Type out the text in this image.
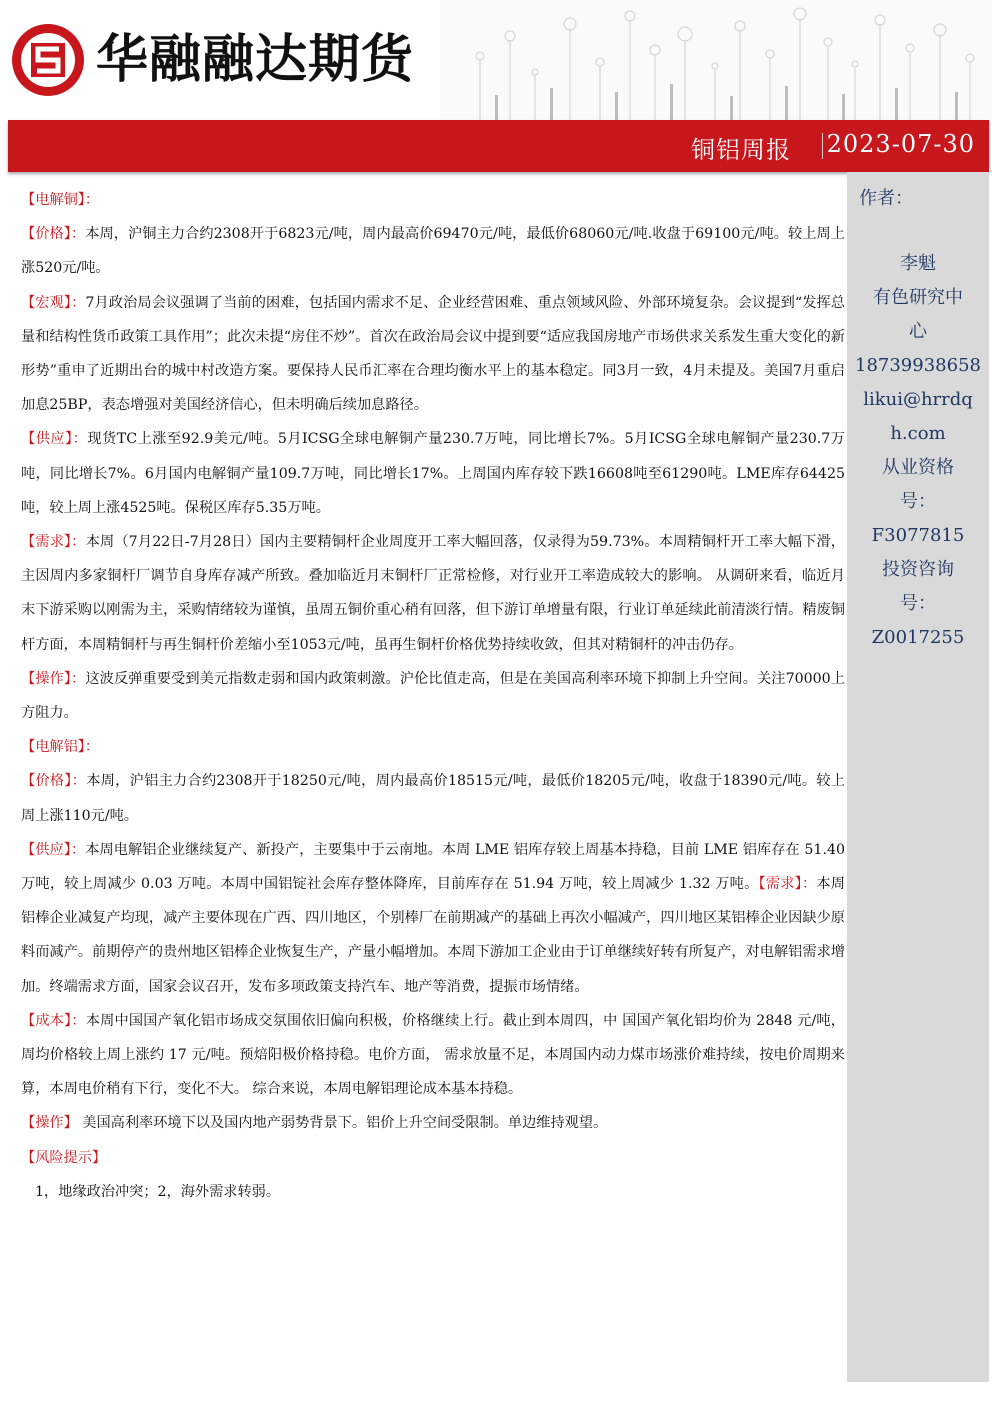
华融融达期货
铜铝周报 2023-07-30
作者：
李魁
有色研究中心
18739938658
likui@hrrdqh.com
从业资格号：
F3077815
投资咨询号：
Z0017255

【电解铜】：

【价格】：本周，沪铜主力合约2308开于6823元/吨，周内最高价69470元/吨，最低价68060元/吨.收盘于69100元/吨。较上周上涨520元/吨。

【宏观】：7月政治局会议强调了当前的困难，包括国内需求不足、企业经营困难、重点领域风险、外部环境复杂。会议提到“发挥总量和结构性货币政策工具作用”；此次未提“房住不炒”。首次在政治局会议中提到要“适应我国房地产市场供求关系发生重大变化的新形势”重申了近期出台的城中村改造方案。要保持人民币汇率在合理均衡水平上的基本稳定。同3月一致，4月未提及。美国7月重启加息25BP，表态增强对美国经济信心，但未明确后续加息路径。

【供应】：现货TC上涨至92.9美元/吨。5月ICSG全球电解铜产量230.7万吨，同比增长7%。5月ICSG全球电解铜产量230.7万吨，同比增长7%。6月国内电解铜产量109.7万吨，同比增长17%。上周国内库存较下跌16608吨至61290吨。LME库存64425吨，较上周上涨4525吨。保税区库存5.35万吨。

【需求】：本周（7月22日-7月28日）国内主要精铜杆企业周度开工率大幅回落，仅录得为59.73%。本周精铜杆开工率大幅下滑，主因周内多家铜杆厂调节自身库存减产所致。叠加临近月末铜杆厂正常检修，对行业开工率造成较大的影响。 从调研来看，临近月末下游采购以刚需为主，采购情绪较为谨慎，虽周五铜价重心稍有回落，但下游订单增量有限，行业订单延续此前清淡行情。精废铜杆方面，本周精铜杆与再生铜杆价差缩小至1053元/吨，虽再生铜杆价格优势持续收敛，但其对精铜杆的冲击仍存。

【操作】：这波反弹重要受到美元指数走弱和国内政策刺激。沪伦比值走高，但是在美国高利率环境下抑制上升空间。关注70000上方阻力。

【电解铝】：

【价格】：本周，沪铝主力合约2308开于18250元/吨，周内最高价18515元/吨，最低价18205元/吨，收盘于18390元/吨。较上周上涨110元/吨。

【供应】：本周电解铝企业继续复产、新投产，主要集中于云南地。本周 LME 铝库存较上周基本持稳，目前 LME 铝库存在 51.40 万吨，较上周减少 0.03 万吨。本周中国铝锭社会库存整体降库，目前库存在 51.94 万吨，较上周减少 1.32 万吨。【需求】：本周铝棒企业减复产均现，减产主要体现在广西、四川地区，个别棒厂在前期减产的基础上再次小幅减产，四川地区某铝棒企业因缺少原料而减产。前期停产的贵州地区铝棒企业恢复生产，产量小幅增加。本周下游加工企业由于订单继续好转有所复产，对电解铝需求增加。终端需求方面，国家会议召开，发布多项政策支持汽车、地产等消费，提振市场情绪。

【成本】：本周中国国产氧化铝市场成交氛围依旧偏向积极，价格继续上行。截止到本周四，中 国国产氧化铝均价为 2848 元/吨，周均价格较上周上涨约 17 元/吨。预焙阳极价格持稳。电价方面， 需求放量不足，本周国内动力煤市场涨价难持续，按电价周期来算，本周电价稍有下行，变化不大。 综合来说，本周电解铝理论成本基本持稳。

【操作】 美国高利率环境下以及国内地产弱势背景下。铝价上升空间受限制。单边维持观望。

【风险提示】

1，地缘政治冲突；2，海外需求转弱。
